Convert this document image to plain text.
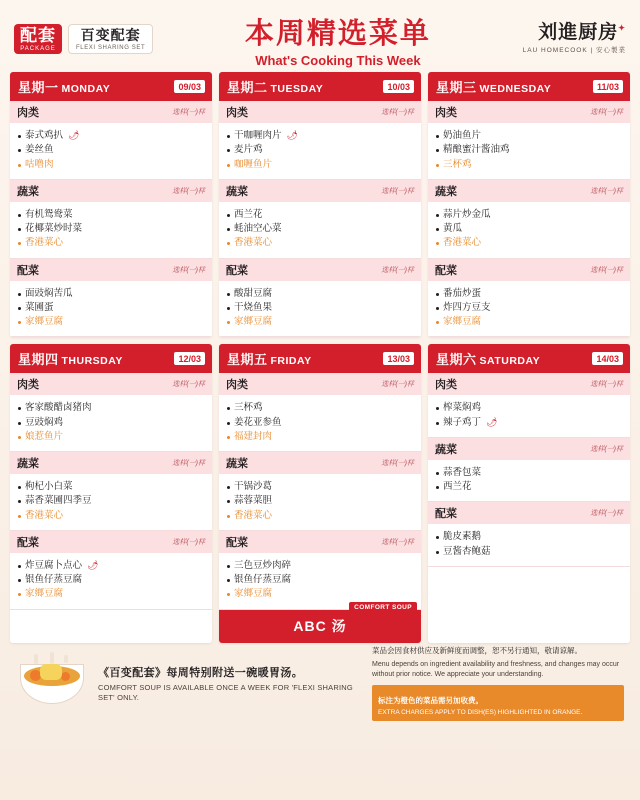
配套
PACKAGE
百变配套
FLEXI SHARING SET	本周精选菜单
What's Cooking This Week
刘進厨房✦
LAU HOMECOOK | 安心製業
星期一 MONDAY	09/03
肉类	选样(一)样
泰式鸡扒 🌶
姜丝鱼
咕噜肉
蔬菜	选样(一)样
有机鸳鸯菜
花椰菜炒时菜
香港菜心
配菜	选样(一)样
面豉焖苦瓜
菜圃蛋
家鄉豆腐
星期二 TUESDAY	10/03
肉类	选样(一)样
干咖喱肉片 🌶
麦片鸡
咖喱鱼片
蔬菜	选样(一)样
西兰花
蚝油空心菜
香港菜心
配菜	选样(一)样
酸甜豆腐
干烧鱼果
家鄉豆腐
星期三 WEDNESDAY	11/03
肉类	选样(一)样
奶油鱼片
精酿蜜汁酱油鸡
三杯鸡
蔬菜	选样(一)样
蒜片炒金瓜
黄瓜
香港菜心
配菜	选样(一)样
番茄炒蛋
炸四方豆支
家鄉豆腐
星期四 THURSDAY	12/03
肉类	选样(一)样
客家酸醋卤猪肉
豆豉焖鸡
娘惹鱼片
蔬菜	选样(一)样
枸杞小白菜
蒜香菜圃四季豆
香港菜心
配菜	选样(一)样
炸豆腐卜点心 🌶
银鱼仔蒸豆腐
家鄉豆腐
星期五 FRIDAY	13/03
肉类	选样(一)样
三杯鸡
姜花亚参鱼
福建封肉
蔬菜	选样(一)样
干锅沙葛
蒜蓉菜胆
香港菜心
配菜	选样(一)样
三色豆炒肉碎
银鱼仔蒸豆腐
家鄉豆腐
COMFORT SOUP
ABC 汤
星期六 SATURDAY	14/03
肉类	选样(一)样
榨菜焖鸡
辣子鸡丁 🌶
蔬菜	选样(一)样
蒜香包菜
西兰花
配菜	选样(一)样
脆皮素鹅
豆酱杏鲍菇
《百变配套》每周特别附送一碗暖胃汤。
COMFORT SOUP IS AVAILABLE ONCE A WEEK FOR 'FLEXI SHARING SET' ONLY.
菜品会因食材供应及新鲜度而调整，恕不另行通知，敬请谅解。
Menu depends on ingredient availability and freshness, and changes may occur without prior notice. We appreciate your understanding.
标注为橙色的菜品需另加收费。
EXTRA CHARGES APPLY TO DISH(ES) HIGHLIGHTED IN ORANGE.
